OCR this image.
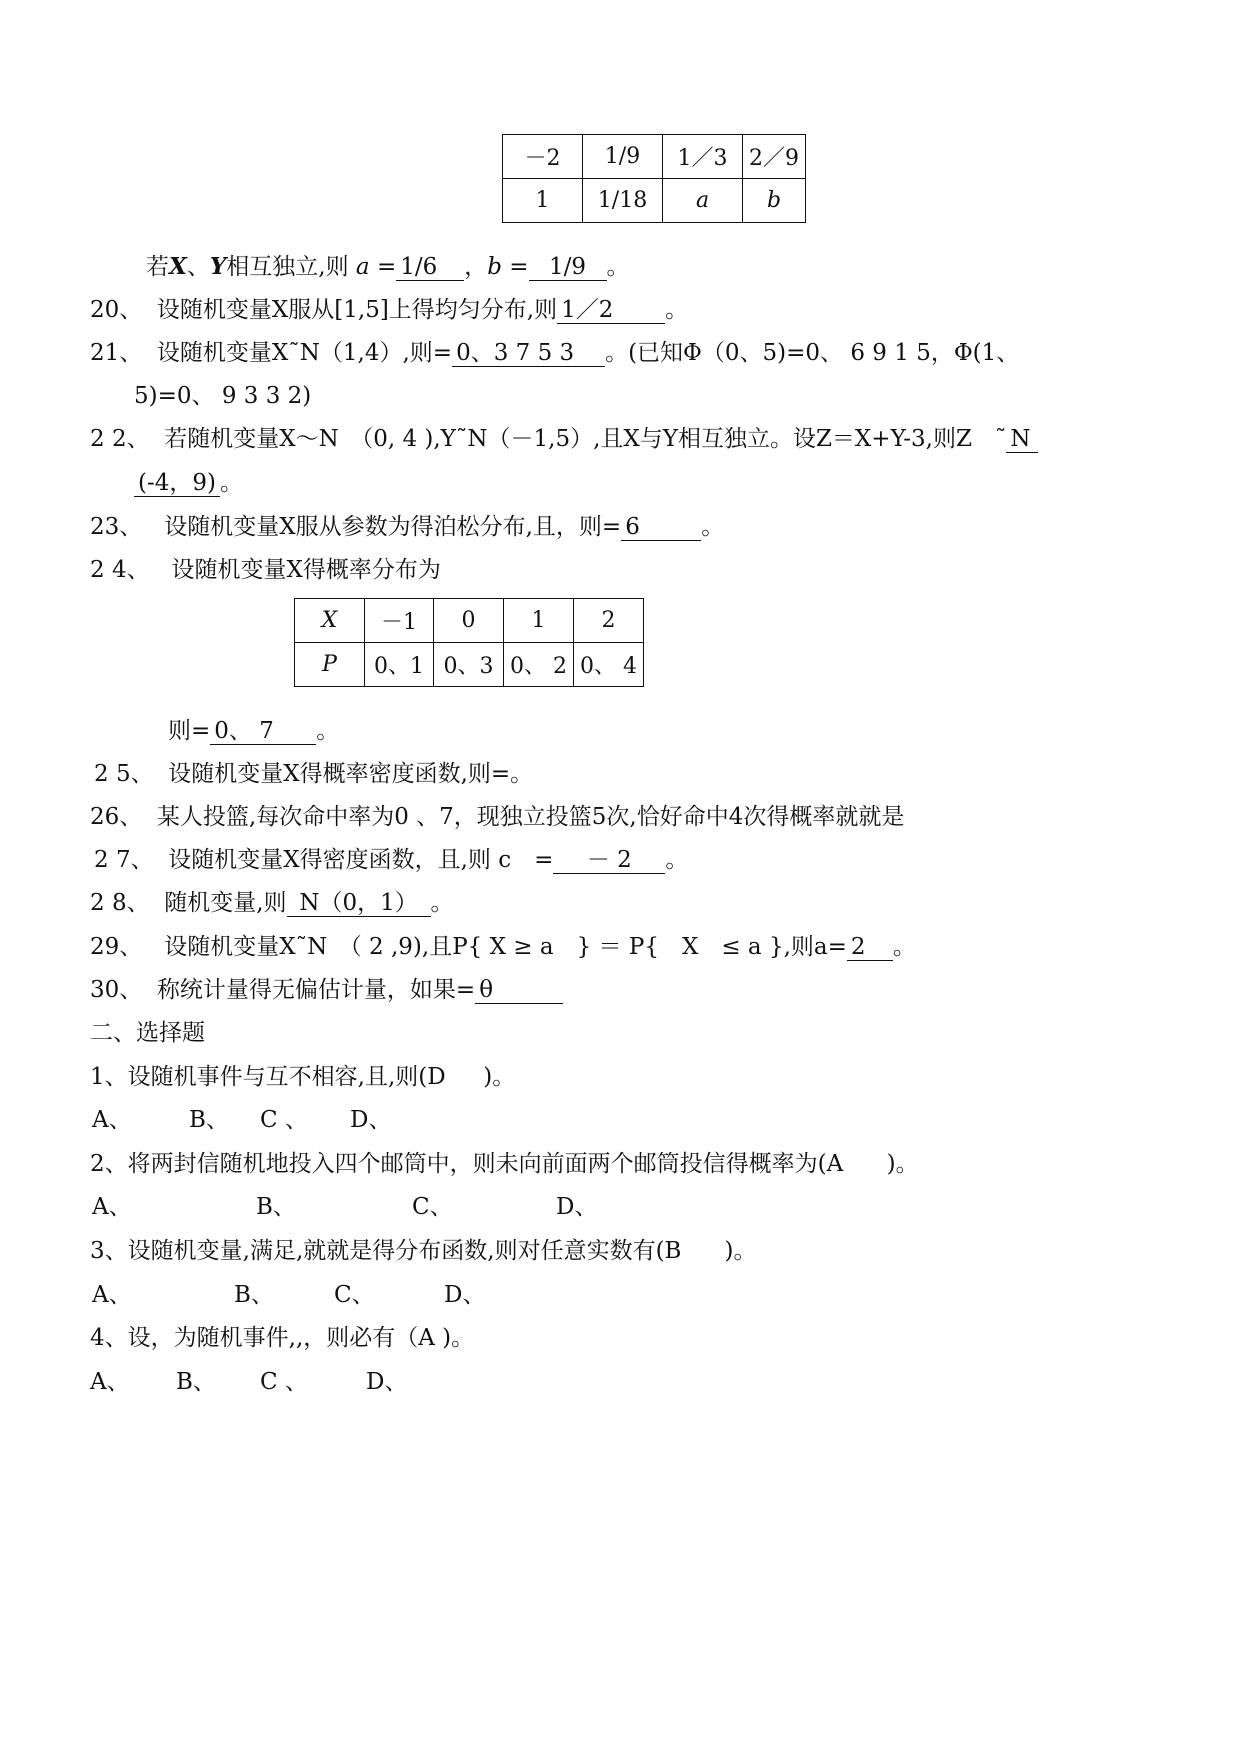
－2	1/9	1／3	2／9
1	1/18	a	b
若X、Y相互独立,则 a = 1/6 ，b = 1/9 。
20、 设随机变量X服从[1,5]上得均匀分布,则 1／2 。
21、 设随机变量X˜N（1,4）,则= 0、3 7 5 3 。(已知Φ（0、5)=0、 6 9 1 5，Φ(1、
5)=0、 9 3 3 2)
2 2、 若随机变量X～N　（0, 4 ),Y˜N（－1,5）,且X与Y相互独立。设Z＝X+Y-3,则Z　˜ N
(-4，9) 。
23、 设随机变量X服从参数为得泊松分布,且，则= 6	。
2 4、 设随机变量X得概率分布为
X	－1	0	1	2
P	0、1	0、3	0、 2	0、 4
则= 0、 7 。
2 5、 设随机变量X得概率密度函数,则=。
26、 某人投篮,每次命中率为0 、7，现独立投篮5次,恰好命中4次得概率就就是
2 7、 设随机变量X得密度函数，且,则 c　= － 2 。
2 8、 随机变量,则 N（0，1） 。
29、 设随机变量X˜N　（ 2 ,9),且P{ X ≥ a　} ＝ P{　X　≤ a },则a= 2 。
30、 称统计量得无偏估计量，如果= θ
二、选择题
1、设随机事件与互不相容,且,则(D)。
A、 B、 C 、 D、
2、将两封信随机地投入四个邮筒中，则未向前面两个邮筒投信得概率为(A)。
A、	B、	C、	D、
3、设随机变量,满足,就就是得分布函数,则对任意实数有(B)。
A、	B、	C、	D、
4、设，为随机事件,,，则必有（A )。
A、 B、 C 、	D、
